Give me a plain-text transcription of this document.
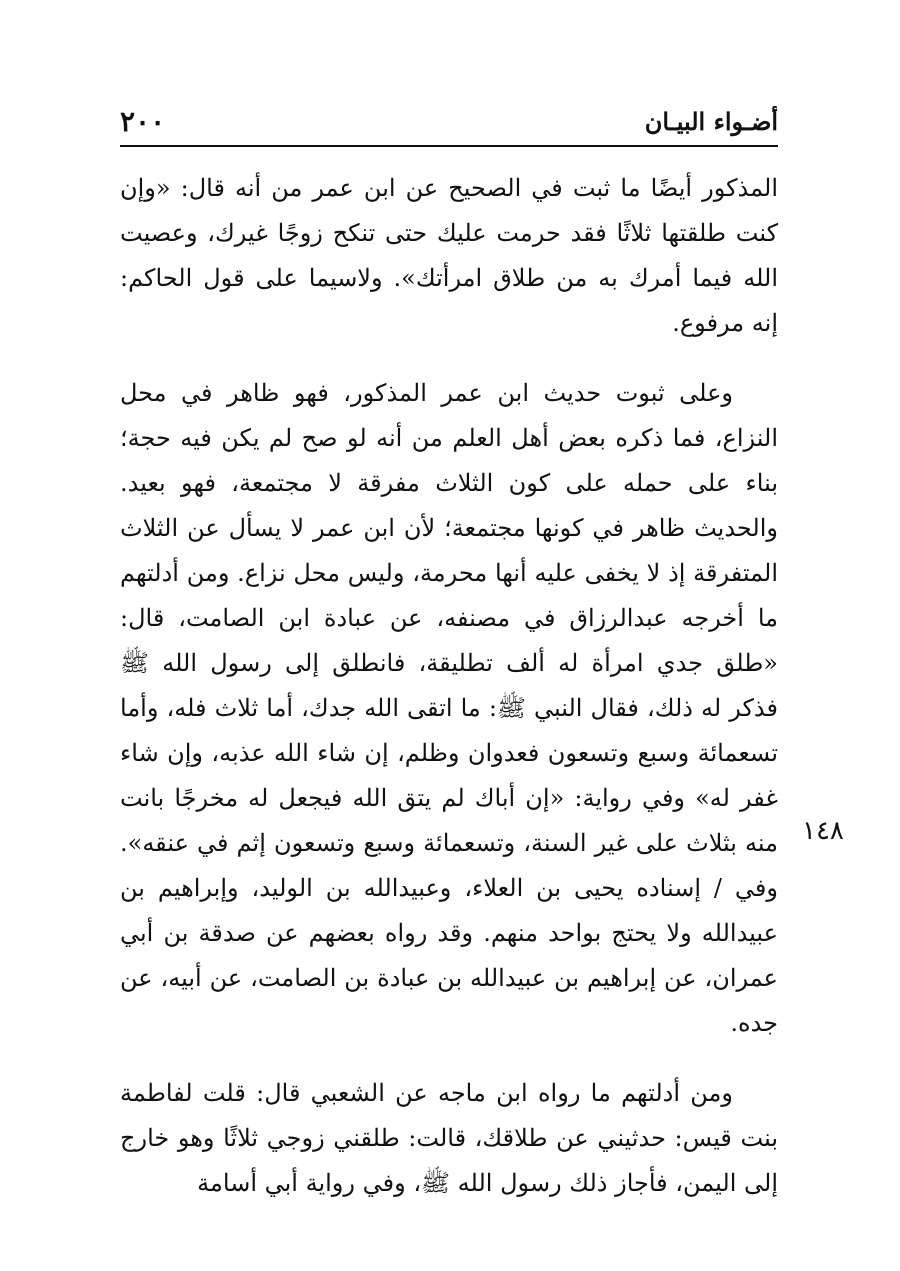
٢٠٠	أضـواء البيـان

المذكور أيضًا ما ثبت في الصحيح عن ابن عمر من أنه قال: «وإن كنت طلقتها ثلاثًا فقد حرمت عليك حتى تنكح زوجًا غيرك، وعصيت الله فيما أمرك به من طلاق امرأتك». ولاسيما على قول الحاكم: إنه مرفوع.

وعلى ثبوت حديث ابن عمر المذكور، فهو ظاهر في محل النزاع، فما ذكره بعض أهل العلم من أنه لو صح لم يكن فيه حجة؛ بناء على حمله على كون الثلاث مفرقة لا مجتمعة، فهو بعيد. والحديث ظاهر في كونها مجتمعة؛ لأن ابن عمر لا يسأل عن الثلاث المتفرقة إذ لا يخفى عليه أنها محرمة، وليس محل نزاع. ومن أدلتهم ما أخرجه عبدالرزاق في مصنفه، عن عبادة ابن الصامت، قال: «طلق جدي امرأة له ألف تطليقة، فانطلق إلى رسول الله ﷺ فذكر له ذلك، فقال النبي ﷺ: ما اتقى الله جدك، أما ثلاث فله، وأما تسعمائة وسبع وتسعون فعدوان وظلم، إن شاء الله عذبه، وإن شاء غفر له» وفي رواية: «إن أباك لم يتق الله فيجعل له مخرجًا بانت منه بثلاث على غير السنة، وتسعمائة وسبع وتسعون إثم في عنقه». وفي / إسناده يحيى بن العلاء، وعبيدالله بن الوليد، وإبراهيم بن عبيدالله ولا يحتج بواحد منهم. وقد رواه بعضهم عن صدقة بن أبي عمران، عن إبراهيم بن عبيدالله بن عبادة بن الصامت، عن أبيه، عن جده.

ومن أدلتهم ما رواه ابن ماجه عن الشعبي قال: قلت لفاطمة بنت قيس: حدثيني عن طلاقك، قالت: طلقني زوجي ثلاثًا وهو خارج إلى اليمن، فأجاز ذلك رسول الله ﷺ، وفي رواية أبي أسامة

١٤٨
